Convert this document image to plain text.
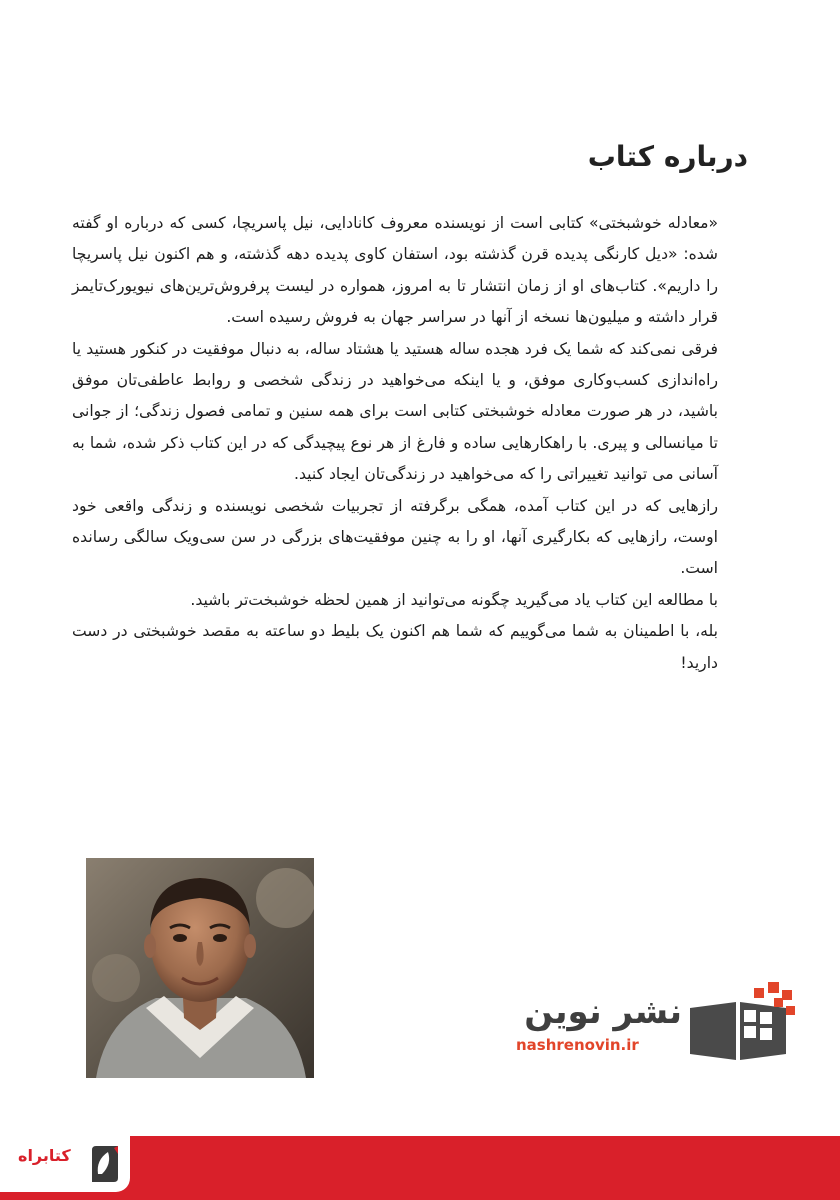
درباره کتاب

«معادله خوشبختی» کتابی است از نویسنده معروف کانادایی، نیل پاسریچا، کسی که درباره او گفته شده: «دیل کارنگی پدیده قرن گذشته بود، استفان کاوی پدیده دهه گذشته، و هم اکنون نیل پاسریچا را داریم». کتاب‌های او از زمان انتشار تا به امروز، همواره در لیست پرفروش‌ترین‌های نیویورک‌تایمز قرار داشته و میلیون‌ها نسخه از آنها در سراسر جهان به فروش رسیده است.

فرقی نمی‌کند که شما یک فرد هجده ساله هستید یا هشتاد ساله، به دنبال موفقیت در کنکور هستید یا راه‌اندازی کسب‌وکاری موفق، و یا اینکه می‌خواهید در زندگی شخصی و روابط عاطفی‌تان موفق باشید، در هر صورت معادله خوشبختی کتابی است برای همه سنین و تمامی فصول زندگی؛ از جوانی تا میانسالی و پیری. با راهکارهایی ساده و فارغ از هر نوع پیچیدگی که در این کتاب ذکر شده، شما به آسانی می توانید تغییراتی را که می‌خواهید در زندگی‌تان ایجاد کنید.

رازهایی که در این کتاب آمده، همگی برگرفته از تجربیات شخصی نویسنده و زندگی واقعی خود اوست، رازهایی که بکارگیری آنها، او را به چنین موفقیت‌های بزرگی در سن سی‌ویک سالگی رسانده است.

با مطالعه این کتاب یاد می‌گیرید چگونه می‌توانید از همین لحظه خوشبخت‌تر باشید.

بله، با اطمینان به شما می‌گوییم که شما هم اکنون یک بلیط دو ساعته به مقصد خوشبختی در دست دارید!

نشر نوین
nashrenovin.ir
کتابراه
